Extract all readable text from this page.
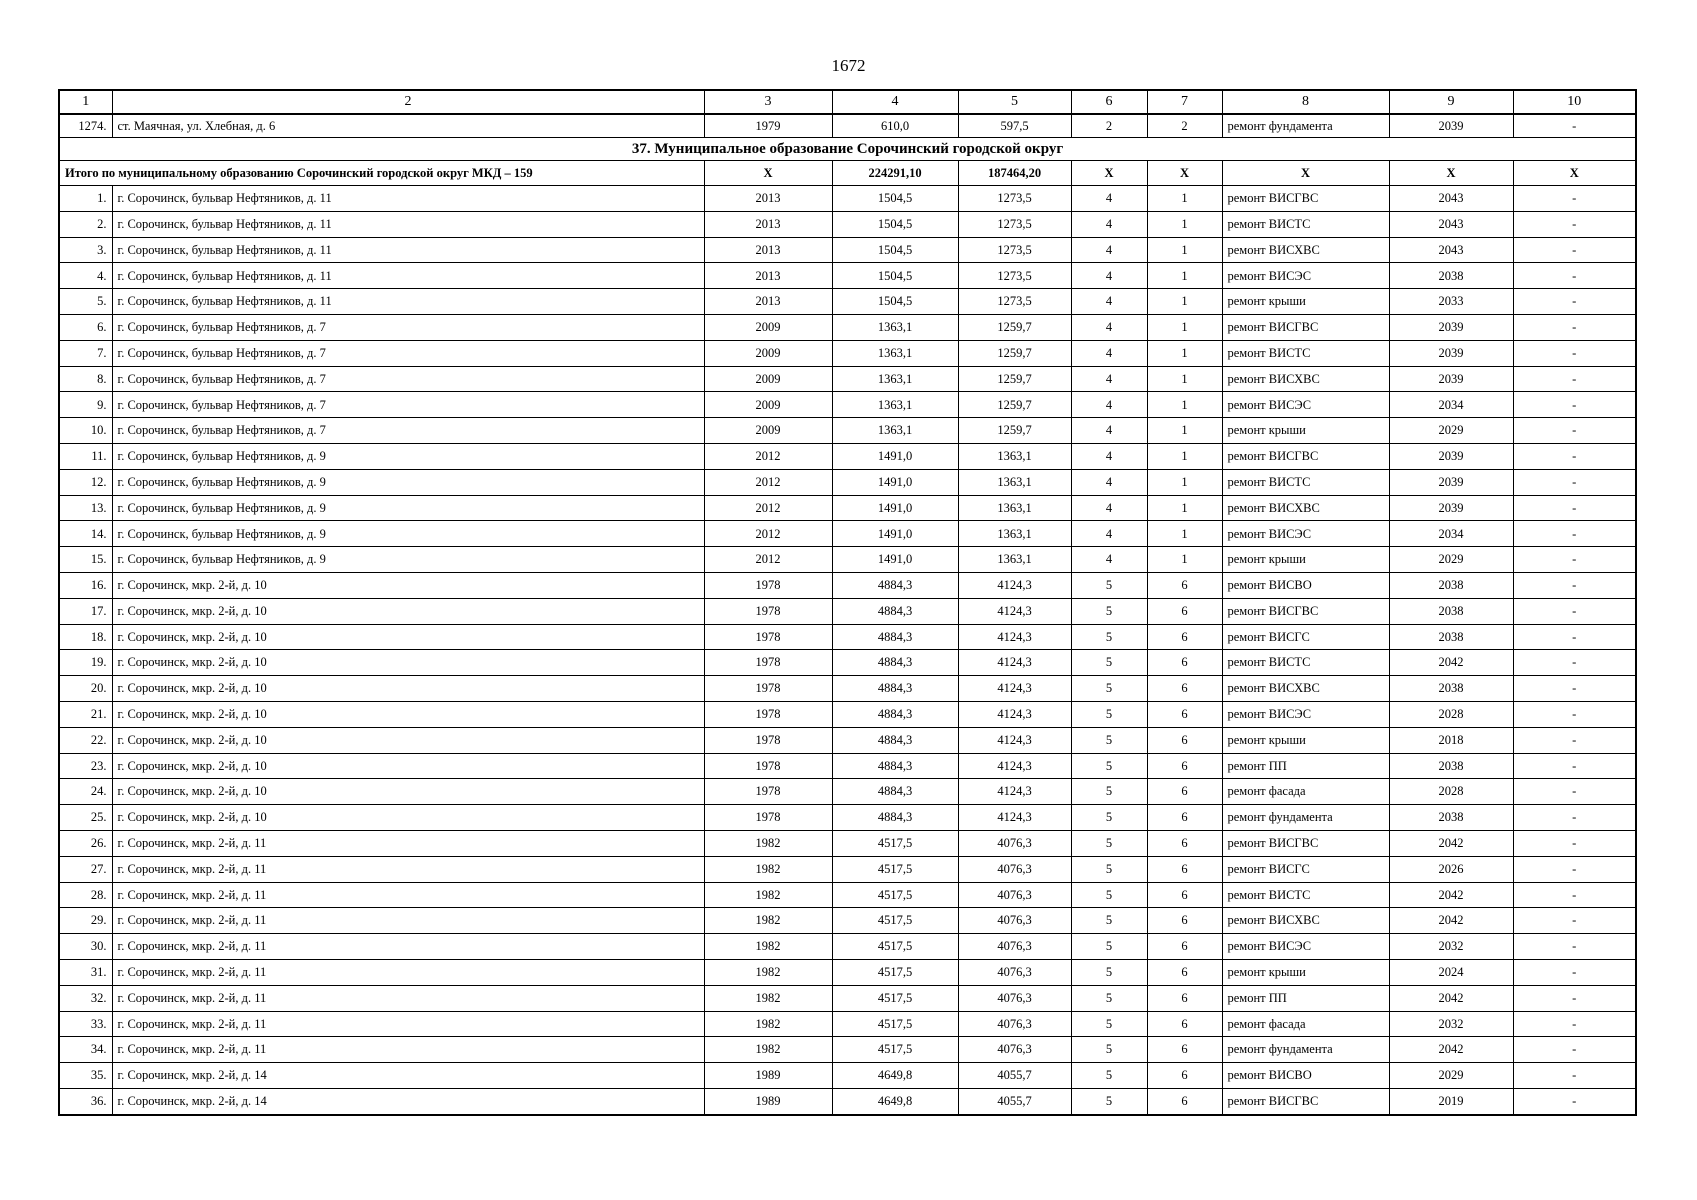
1672
1	2	3	4	5	6	7	8	9	10
1274.	ст. Маячная, ул. Хлебная, д. 6	1979	610,0	597,5	2	2	ремонт фундамента	2039	-
37. Муниципальное образование Сорочинский городской округ									
Итого по муниципальному образованию Сорочинский городской округ МКД – 159		X	224291,10	187464,20	X	X	X	X	X
1.	г. Сорочинск, бульвар Нефтяников, д. 11	2013	1504,5	1273,5	4	1	ремонт ВИСГВС	2043	-
2.	г. Сорочинск, бульвар Нефтяников, д. 11	2013	1504,5	1273,5	4	1	ремонт ВИСТС	2043	-
3.	г. Сорочинск, бульвар Нефтяников, д. 11	2013	1504,5	1273,5	4	1	ремонт ВИСХВС	2043	-
4.	г. Сорочинск, бульвар Нефтяников, д. 11	2013	1504,5	1273,5	4	1	ремонт ВИСЭС	2038	-
5.	г. Сорочинск, бульвар Нефтяников, д. 11	2013	1504,5	1273,5	4	1	ремонт крыши	2033	-
6.	г. Сорочинск, бульвар Нефтяников, д. 7	2009	1363,1	1259,7	4	1	ремонт ВИСГВС	2039	-
7.	г. Сорочинск, бульвар Нефтяников, д. 7	2009	1363,1	1259,7	4	1	ремонт ВИСТС	2039	-
8.	г. Сорочинск, бульвар Нефтяников, д. 7	2009	1363,1	1259,7	4	1	ремонт ВИСХВС	2039	-
9.	г. Сорочинск, бульвар Нефтяников, д. 7	2009	1363,1	1259,7	4	1	ремонт ВИСЭС	2034	-
10.	г. Сорочинск, бульвар Нефтяников, д. 7	2009	1363,1	1259,7	4	1	ремонт крыши	2029	-
11.	г. Сорочинск, бульвар Нефтяников, д. 9	2012	1491,0	1363,1	4	1	ремонт ВИСГВС	2039	-
12.	г. Сорочинск, бульвар Нефтяников, д. 9	2012	1491,0	1363,1	4	1	ремонт ВИСТС	2039	-
13.	г. Сорочинск, бульвар Нефтяников, д. 9	2012	1491,0	1363,1	4	1	ремонт ВИСХВС	2039	-
14.	г. Сорочинск, бульвар Нефтяников, д. 9	2012	1491,0	1363,1	4	1	ремонт ВИСЭС	2034	-
15.	г. Сорочинск, бульвар Нефтяников, д. 9	2012	1491,0	1363,1	4	1	ремонт крыши	2029	-
16.	г. Сорочинск, мкр. 2-й, д. 10	1978	4884,3	4124,3	5	6	ремонт ВИСВО	2038	-
17.	г. Сорочинск, мкр. 2-й, д. 10	1978	4884,3	4124,3	5	6	ремонт ВИСГВС	2038	-
18.	г. Сорочинск, мкр. 2-й, д. 10	1978	4884,3	4124,3	5	6	ремонт ВИСГС	2038	-
19.	г. Сорочинск, мкр. 2-й, д. 10	1978	4884,3	4124,3	5	6	ремонт ВИСТС	2042	-
20.	г. Сорочинск, мкр. 2-й, д. 10	1978	4884,3	4124,3	5	6	ремонт ВИСХВС	2038	-
21.	г. Сорочинск, мкр. 2-й, д. 10	1978	4884,3	4124,3	5	6	ремонт ВИСЭС	2028	-
22.	г. Сорочинск, мкр. 2-й, д. 10	1978	4884,3	4124,3	5	6	ремонт крыши	2018	-
23.	г. Сорочинск, мкр. 2-й, д. 10	1978	4884,3	4124,3	5	6	ремонт ПП	2038	-
24.	г. Сорочинск, мкр. 2-й, д. 10	1978	4884,3	4124,3	5	6	ремонт фасада	2028	-
25.	г. Сорочинск, мкр. 2-й, д. 10	1978	4884,3	4124,3	5	6	ремонт фундамента	2038	-
26.	г. Сорочинск, мкр. 2-й, д. 11	1982	4517,5	4076,3	5	6	ремонт ВИСГВС	2042	-
27.	г. Сорочинск, мкр. 2-й, д. 11	1982	4517,5	4076,3	5	6	ремонт ВИСГС	2026	-
28.	г. Сорочинск, мкр. 2-й, д. 11	1982	4517,5	4076,3	5	6	ремонт ВИСТС	2042	-
29.	г. Сорочинск, мкр. 2-й, д. 11	1982	4517,5	4076,3	5	6	ремонт ВИСХВС	2042	-
30.	г. Сорочинск, мкр. 2-й, д. 11	1982	4517,5	4076,3	5	6	ремонт ВИСЭС	2032	-
31.	г. Сорочинск, мкр. 2-й, д. 11	1982	4517,5	4076,3	5	6	ремонт крыши	2024	-
32.	г. Сорочинск, мкр. 2-й, д. 11	1982	4517,5	4076,3	5	6	ремонт ПП	2042	-
33.	г. Сорочинск, мкр. 2-й, д. 11	1982	4517,5	4076,3	5	6	ремонт фасада	2032	-
34.	г. Сорочинск, мкр. 2-й, д. 11	1982	4517,5	4076,3	5	6	ремонт фундамента	2042	-
35.	г. Сорочинск, мкр. 2-й, д. 14	1989	4649,8	4055,7	5	6	ремонт ВИСВО	2029	-
36.	г. Сорочинск, мкр. 2-й, д. 14	1989	4649,8	4055,7	5	6	ремонт ВИСГВС	2019	-
